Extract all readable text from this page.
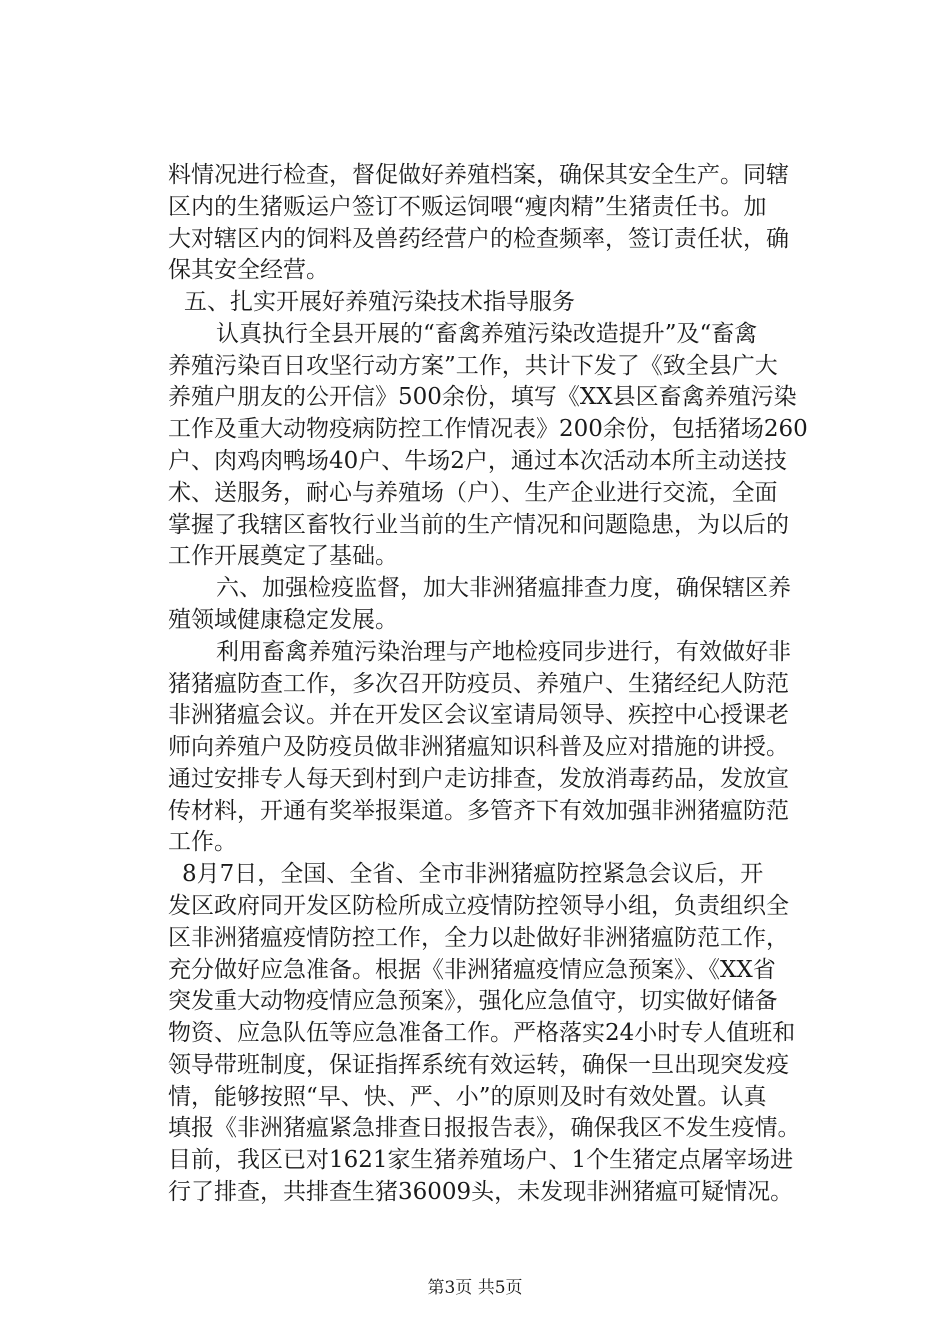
料情况进行检查，督促做好养殖档案，确保其安全生产。同辖
区内的生猪贩运户签订不贩运饲喂“瘦肉精”生猪责任书。加
大对辖区内的饲料及兽药经营户的检查频率，签订责任状，确
保其安全经营。
五、扎实开展好养殖污染技术指导服务
认真执行全县开展的“畜禽养殖污染改造提升”及“畜禽
养殖污染百日攻坚行动方案”工作，共计下发了《致全县广大
养殖户朋友的公开信》500余份，填写《XX县区畜禽养殖污染
工作及重大动物疫病防控工作情况表》200余份，包括猪场260
户、肉鸡肉鸭场40户、牛场2户，通过本次活动本所主动送技
术、送服务，耐心与养殖场（户）、生产企业进行交流，全面
掌握了我辖区畜牧行业当前的生产情况和问题隐患，为以后的
工作开展奠定了基础。
六、加强检疫监督，加大非洲猪瘟排查力度，确保辖区养
殖领域健康稳定发展。
利用畜禽养殖污染治理与产地检疫同步进行，有效做好非
猪猪瘟防查工作，多次召开防疫员、养殖户、生猪经纪人防范
非洲猪瘟会议。并在开发区会议室请局领导、疾控中心授课老
师向养殖户及防疫员做非洲猪瘟知识科普及应对措施的讲授。
通过安排专人每天到村到户走访排查，发放消毒药品，发放宣
传材料，开通有奖举报渠道。多管齐下有效加强非洲猪瘟防范
工作。
8月7日，全国、全省、全市非洲猪瘟防控紧急会议后，开
发区政府同开发区防检所成立疫情防控领导小组，负责组织全
区非洲猪瘟疫情防控工作，全力以赴做好非洲猪瘟防范工作，
充分做好应急准备。根据《非洲猪瘟疫情应急预案》、《XX省
突发重大动物疫情应急预案》，强化应急值守，切实做好储备
物资、应急队伍等应急准备工作。严格落实24小时专人值班和
领导带班制度，保证指挥系统有效运转，确保一旦出现突发疫
情，能够按照“早、快、严、小”的原则及时有效处置。认真
填报《非洲猪瘟紧急排查日报报告表》，确保我区不发生疫情。
目前，我区已对1621家生猪养殖场户、1个生猪定点屠宰场进
行了排查，共排查生猪36009头，未发现非洲猪瘟可疑情况。
第3页 共5页
